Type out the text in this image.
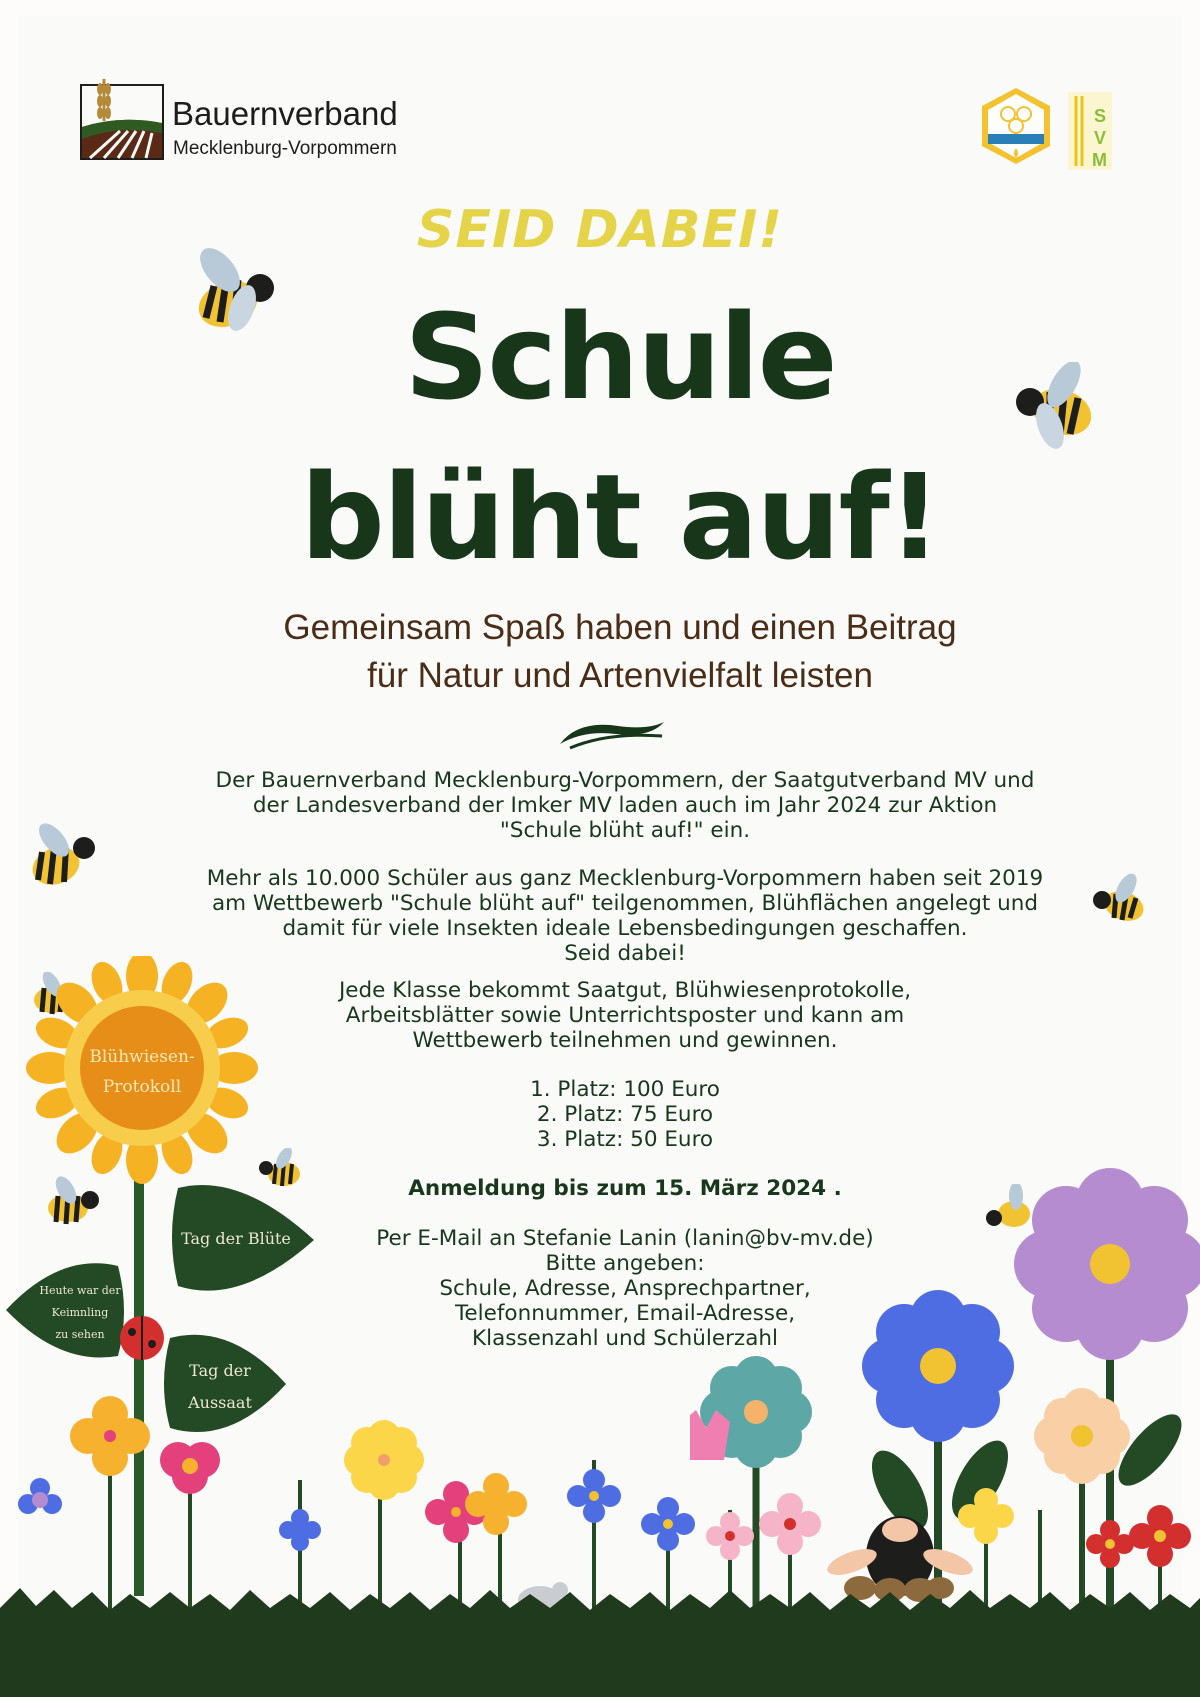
Bauernverband
Mecklenburg-Vorpommern
S
V
M
SEID DABEI!
Schule
blüht auf!
Gemeinsam Spaß haben und einen Beitrag
für Natur und Artenvielfalt leisten
Der Bauernverband Mecklenburg-Vorpommern, der Saatgutverband MV und
der Landesverband der Imker MV laden auch im Jahr 2024 zur Aktion
"Schule blüht auf!" ein.
Mehr als 10.000 Schüler aus ganz Mecklenburg-Vorpommern haben seit 2019
am Wettbewerb "Schule blüht auf" teilgenommen, Blühflächen angelegt und
damit für viele Insekten ideale Lebensbedingungen geschaffen.
Seid dabei!
Jede Klasse bekommt Saatgut, Blühwiesenprotokolle,
Arbeitsblätter sowie Unterrichtsposter und kann am
Wettbewerb teilnehmen und gewinnen.
1. Platz: 100 Euro
2. Platz: 75 Euro
3. Platz: 50 Euro
Anmeldung bis zum 15. März 2024 .
Per E-Mail an Stefanie Lanin (lanin@bv-mv.de)
Bitte angeben:
Schule, Adresse, Ansprechpartner,
Telefonnummer, Email-Adresse,
Klassenzahl und Schülerzahl
Blühwiesen-
Protokoll
Tag der Blüte
Tag der
Aussaat
Heute war der
Keimnling
zu sehen
